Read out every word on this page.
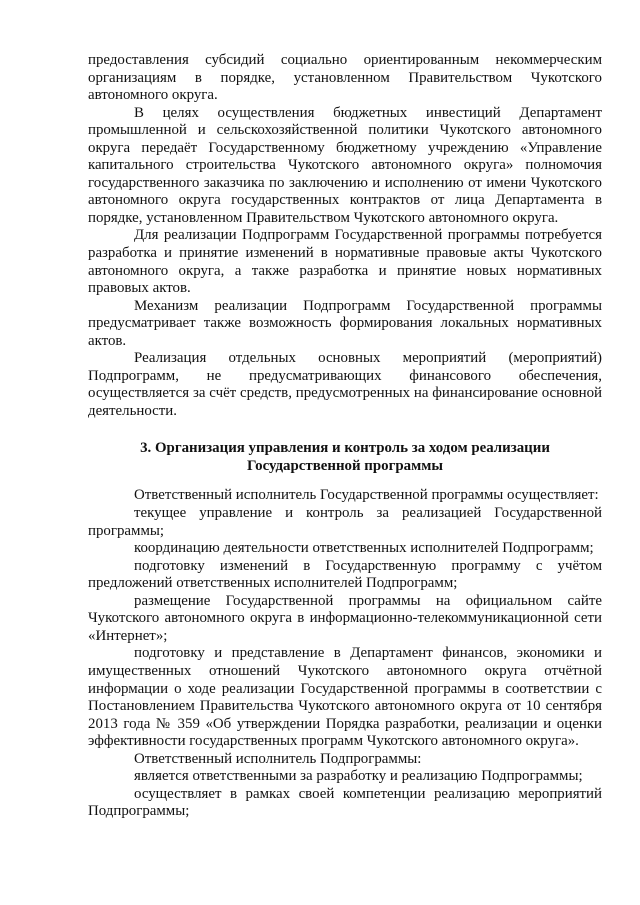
предоставления субсидий социально ориентированным некоммерческим организациям в порядке, установленном Правительством Чукотского автономного округа.

В целях осуществления бюджетных инвестиций Департамент промышленной и сельскохозяйственной политики Чукотского автономного округа передаёт Государственному бюджетному учреждению «Управление капитального строительства Чукотского автономного округа» полномочия государственного заказчика по заключению и исполнению от имени Чукотского автономного округа государственных контрактов от лица Департамента в порядке, установленном Правительством Чукотского автономного округа.

Для реализации Подпрограмм Государственной программы потребуется разработка и принятие изменений в нормативные правовые акты Чукотского автономного округа, а также разработка и принятие новых нормативных правовых актов.

Механизм реализации Подпрограмм Государственной программы предусматривает также возможность формирования локальных нормативных актов.

Реализация отдельных основных мероприятий (мероприятий) Подпрограмм, не предусматривающих финансового обеспечения, осуществляется за счёт средств, предусмотренных на финансирование основной деятельности.

3. Организация управления и контроль за ходом реализации
Государственной программы

Ответственный исполнитель Государственной программы осуществляет:

текущее управление и контроль за реализацией Государственной программы;

координацию деятельности ответственных исполнителей Подпрограмм;

подготовку изменений в Государственную программу с учётом предложений ответственных исполнителей Подпрограмм;

размещение Государственной программы на официальном сайте Чукотского автономного округа в информационно-телекоммуникационной сети «Интернет»;

подготовку и представление в Департамент финансов, экономики и имущественных отношений Чукотского автономного округа отчётной информации о ходе реализации Государственной программы в соответствии с Постановлением Правительства Чукотского автономного округа от 10 сентября 2013 года № 359 «Об утверждении Порядка разработки, реализации и оценки эффективности государственных программ Чукотского автономного округа».

Ответственный исполнитель Подпрограммы:

является ответственными за разработку и реализацию Подпрограммы;

осуществляет в рамках своей компетенции реализацию мероприятий Подпрограммы;
